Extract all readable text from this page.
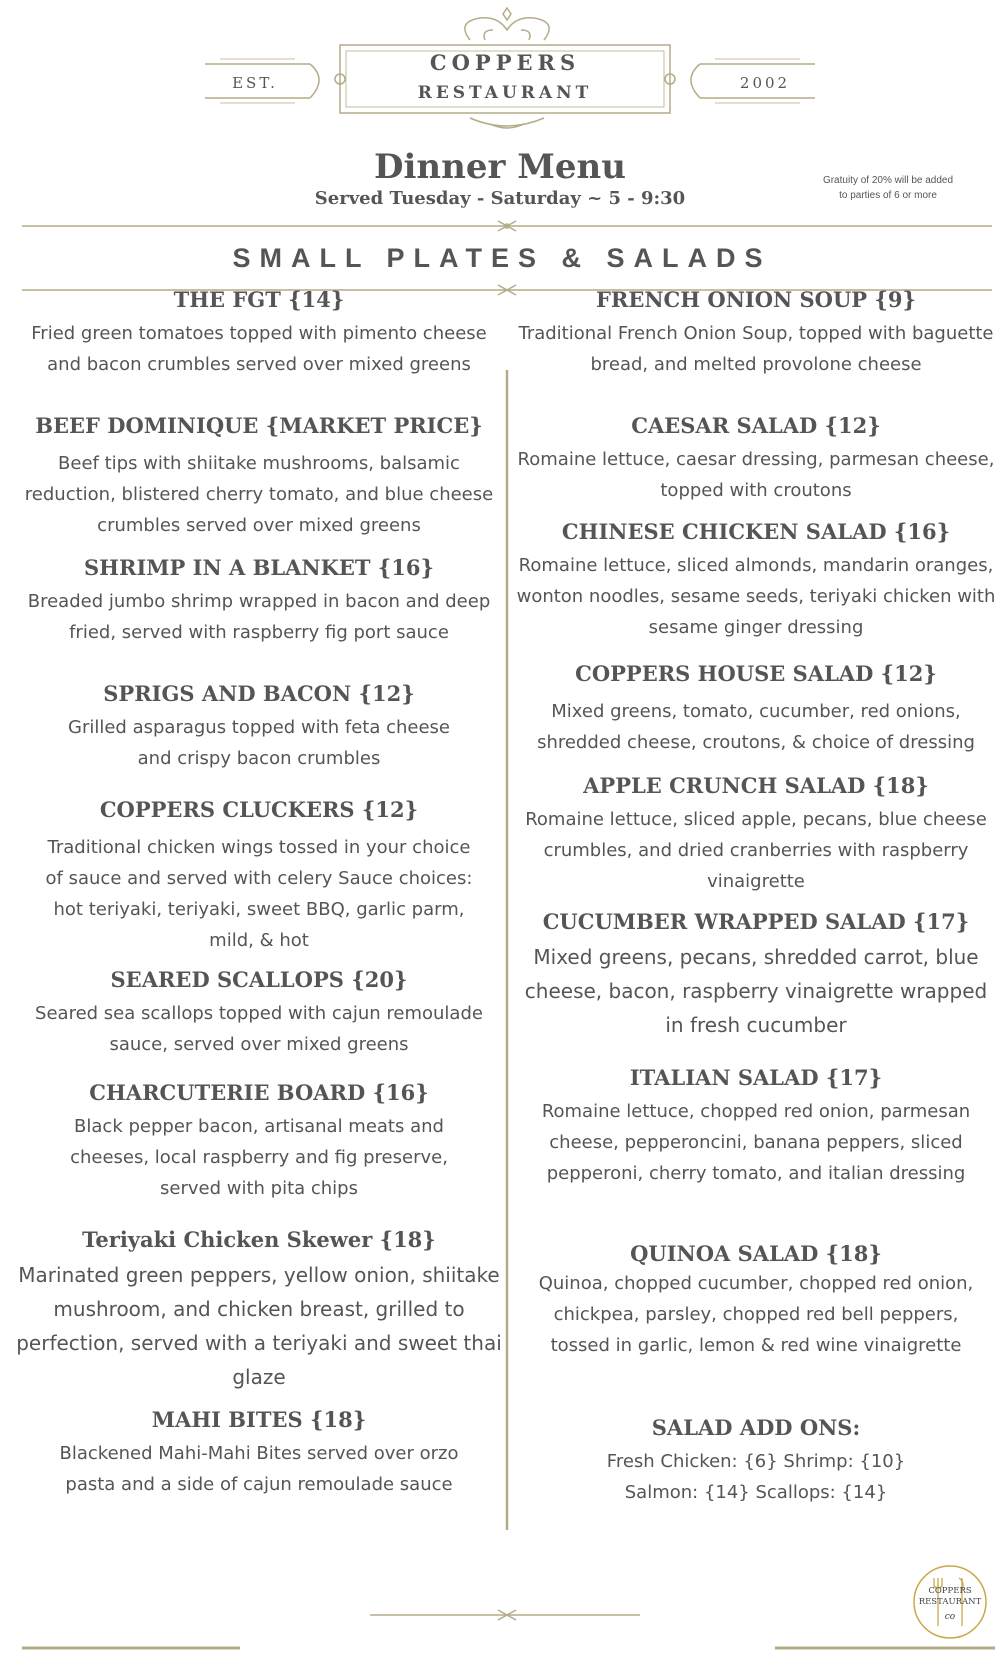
EST.	2002
COPPERS
RESTAURANT
Dinner Menu
Served Tuesday - Saturday ~ 5 - 9:30
Gratuity of 20% will be added to parties of 6 or more
SMALL PLATES & SALADS
THE FGT {14}

Fried green tomatoes topped with pimento cheese and bacon crumbles served over mixed greens

BEEF DOMINIQUE {MARKET PRICE}

Beef tips with shiitake mushrooms, balsamic reduction, blistered cherry tomato, and blue cheese crumbles served over mixed greens

SHRIMP IN A BLANKET {16}

Breaded jumbo shrimp wrapped in bacon and deep fried, served with raspberry fig port sauce

SPRIGS AND BACON {12}

Grilled asparagus topped with feta cheese and crispy bacon crumbles

COPPERS CLUCKERS {12}

Traditional chicken wings tossed in your choice of sauce and served with celery Sauce choices: hot teriyaki, teriyaki, sweet BBQ, garlic parm, mild, & hot

SEARED SCALLOPS {20}

Seared sea scallops topped with cajun remoulade sauce, served over mixed greens

CHARCUTERIE BOARD {16}

Black pepper bacon, artisanal meats and cheeses, local raspberry and fig preserve, served with pita chips

Teriyaki Chicken Skewer {18}

Marinated green peppers, yellow onion, shiitake mushroom, and chicken breast, grilled to perfection, served with a teriyaki and sweet thai glaze

MAHI BITES {18}

Blackened Mahi-Mahi Bites served over orzo pasta and a side of cajun remoulade sauce

FRENCH ONION SOUP {9}

Traditional French Onion Soup, topped with baguette bread, and melted provolone cheese

CAESAR SALAD {12}

Romaine lettuce, caesar dressing, parmesan cheese, topped with croutons

CHINESE CHICKEN SALAD {16}

Romaine lettuce, sliced almonds, mandarin oranges, wonton noodles, sesame seeds, teriyaki chicken with sesame ginger dressing

COPPERS HOUSE SALAD {12}

Mixed greens, tomato, cucumber, red onions, shredded cheese, croutons, & choice of dressing

APPLE CRUNCH SALAD {18}

Romaine lettuce, sliced apple, pecans, blue cheese crumbles, and dried cranberries with raspberry vinaigrette

CUCUMBER WRAPPED SALAD {17}

Mixed greens, pecans, shredded carrot, blue cheese, bacon, raspberry vinaigrette wrapped in fresh cucumber

ITALIAN SALAD {17}

Romaine lettuce, chopped red onion, parmesan cheese, pepperoncini, banana peppers, sliced pepperoni, cherry tomato, and italian dressing

QUINOA SALAD {18}

Quinoa, chopped cucumber, chopped red onion, chickpea, parsley, chopped red bell peppers, tossed in garlic, lemon & red wine vinaigrette

SALAD ADD ONS:

Fresh Chicken: {6} Shrimp: {10}

Salmon: {14} Scallops: {14}

COPPERS
RESTAURANT
co
